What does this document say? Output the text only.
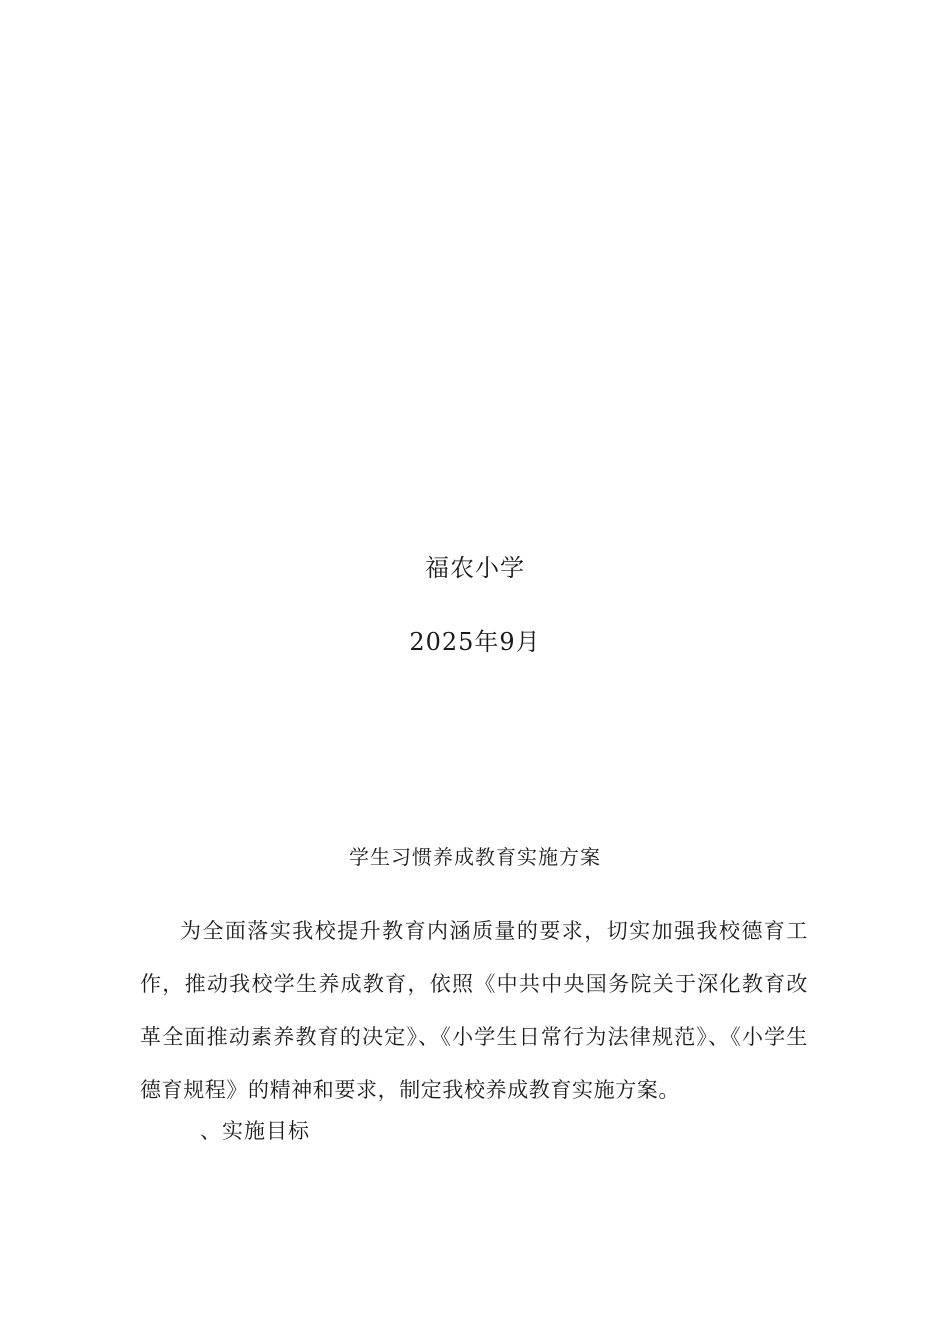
福农小学
2025年9月
学生习惯养成教育实施方案

为全面落实我校提升教育内涵质量的要求，切实加强我校德育工作，推动我校学生养成教育，依照《中共中央国务院关于深化教育改革全面推动素养教育的决定》、《小学生日常行为法律规范》、《小学生 德育规程》的精神和要求，制定我校养成教育实施方案。

、实施目标
